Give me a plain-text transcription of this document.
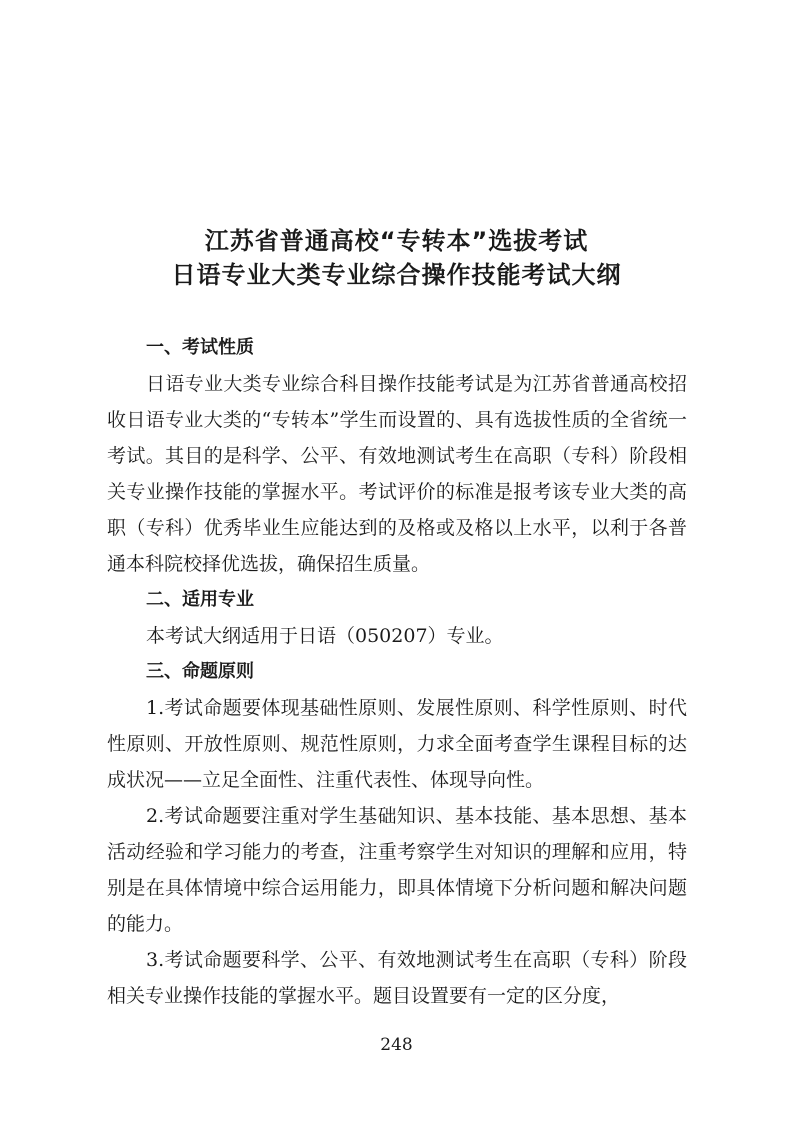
江苏省普通高校“专转本”选拔考试
日语专业大类专业综合操作技能考试大纲
一、考试性质

日语专业大类专业综合科目操作技能考试是为江苏省普通高校招收日语专业大类的“专转本”学生而设置的、具有选拔性质的全省统一考试。其目的是科学、公平、有效地测试考生在高职（专科）阶段相关专业操作技能的掌握水平。考试评价的标准是报考该专业大类的高职（专科）优秀毕业生应能达到的及格或及格以上水平，以利于各普通本科院校择优选拔，确保招生质量。

二、适用专业

本考试大纲适用于日语（050207）专业。

三、命题原则

1.考试命题要体现基础性原则、发展性原则、科学性原则、时代性原则、开放性原则、规范性原则，力求全面考查学生课程目标的达成状况——立足全面性、注重代表性、体现导向性。

2.考试命题要注重对学生基础知识、基本技能、基本思想、基本活动经验和学习能力的考查，注重考察学生对知识的理解和应用，特别是在具体情境中综合运用能力，即具体情境下分析问题和解决问题的能力。

3.考试命题要科学、公平、有效地测试考生在高职（专科）阶段相关专业操作技能的掌握水平。题目设置要有一定的区分度，

248
